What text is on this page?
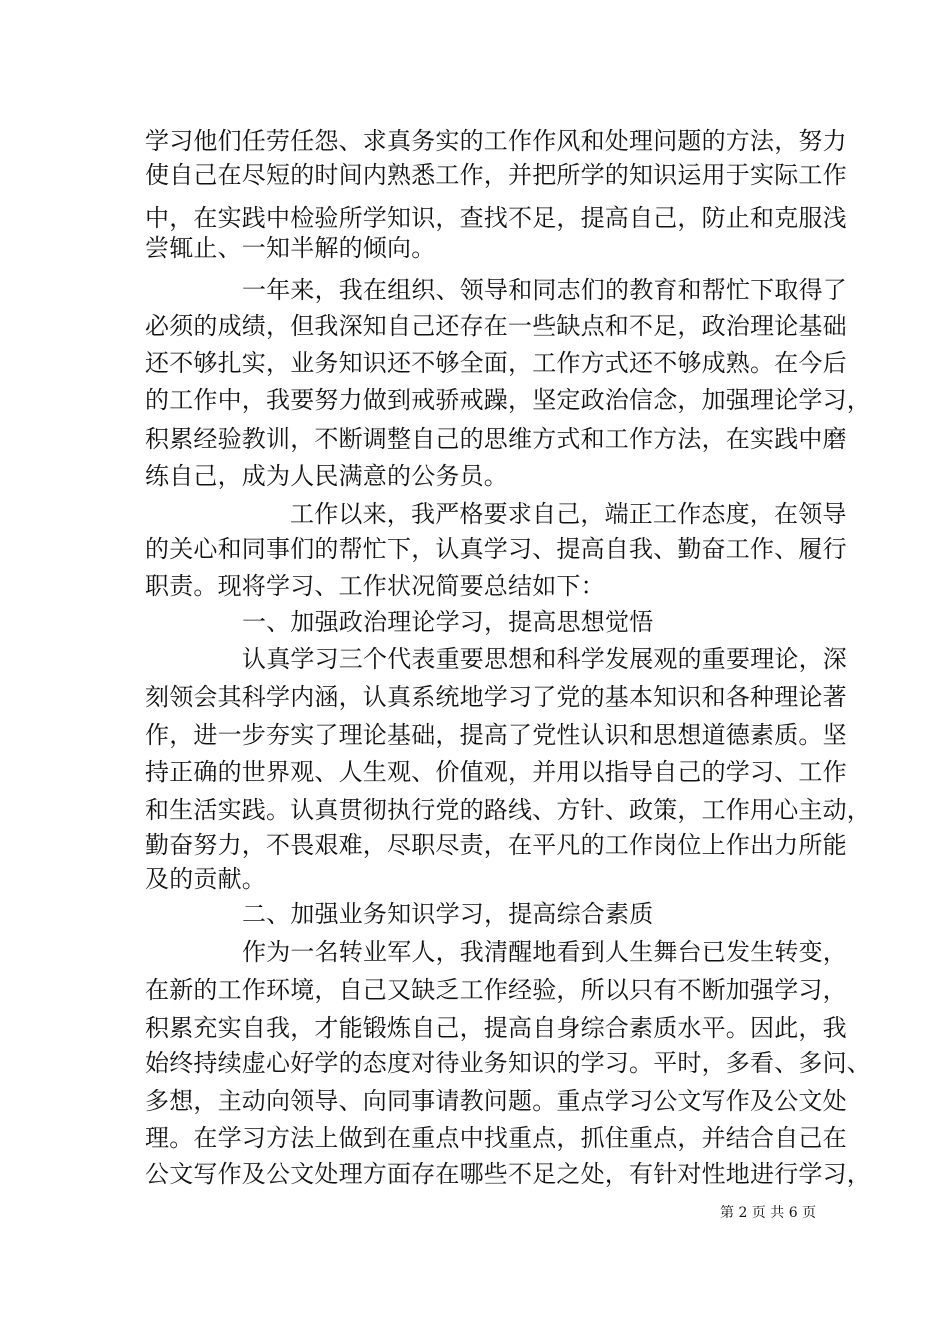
学习他们任劳任怨、求真务实的工作作风和处理问题的方法，努力
使自己在尽短的时间内熟悉工作，并把所学的知识运用于实际工作
中，在实践中检验所学知识，查找不足，提高自己，防止和克服浅
尝辄止、一知半解的倾向。
一年来，我在组织、领导和同志们的教育和帮忙下取得了
必须的成绩，但我深知自己还存在一些缺点和不足，政治理论基础
还不够扎实，业务知识还不够全面，工作方式还不够成熟。在今后
的工作中，我要努力做到戒骄戒躁，坚定政治信念，加强理论学习，
积累经验教训，不断调整自己的思维方式和工作方法，在实践中磨
练自己，成为人民满意的公务员。
工作以来，我严格要求自己，端正工作态度，在领导
的关心和同事们的帮忙下，认真学习、提高自我、勤奋工作、履行
职责。现将学习、工作状况简要总结如下：
一、加强政治理论学习，提高思想觉悟
认真学习三个代表重要思想和科学发展观的重要理论，深
刻领会其科学内涵，认真系统地学习了党的基本知识和各种理论著
作，进一步夯实了理论基础，提高了党性认识和思想道德素质。坚
持正确的世界观、人生观、价值观，并用以指导自己的学习、工作
和生活实践。认真贯彻执行党的路线、方针、政策，工作用心主动，
勤奋努力，不畏艰难，尽职尽责，在平凡的工作岗位上作出力所能
及的贡献。
二、加强业务知识学习，提高综合素质
作为一名转业军人，我清醒地看到人生舞台已发生转变，
在新的工作环境，自己又缺乏工作经验，所以只有不断加强学习，
积累充实自我，才能锻炼自己，提高自身综合素质水平。因此，我
始终持续虚心好学的态度对待业务知识的学习。平时，多看、多问、
多想，主动向领导、向同事请教问题。重点学习公文写作及公文处
理。在学习方法上做到在重点中找重点，抓住重点，并结合自己在
公文写作及公文处理方面存在哪些不足之处，有针对性地进行学习，
第 2 页 共 6 页
